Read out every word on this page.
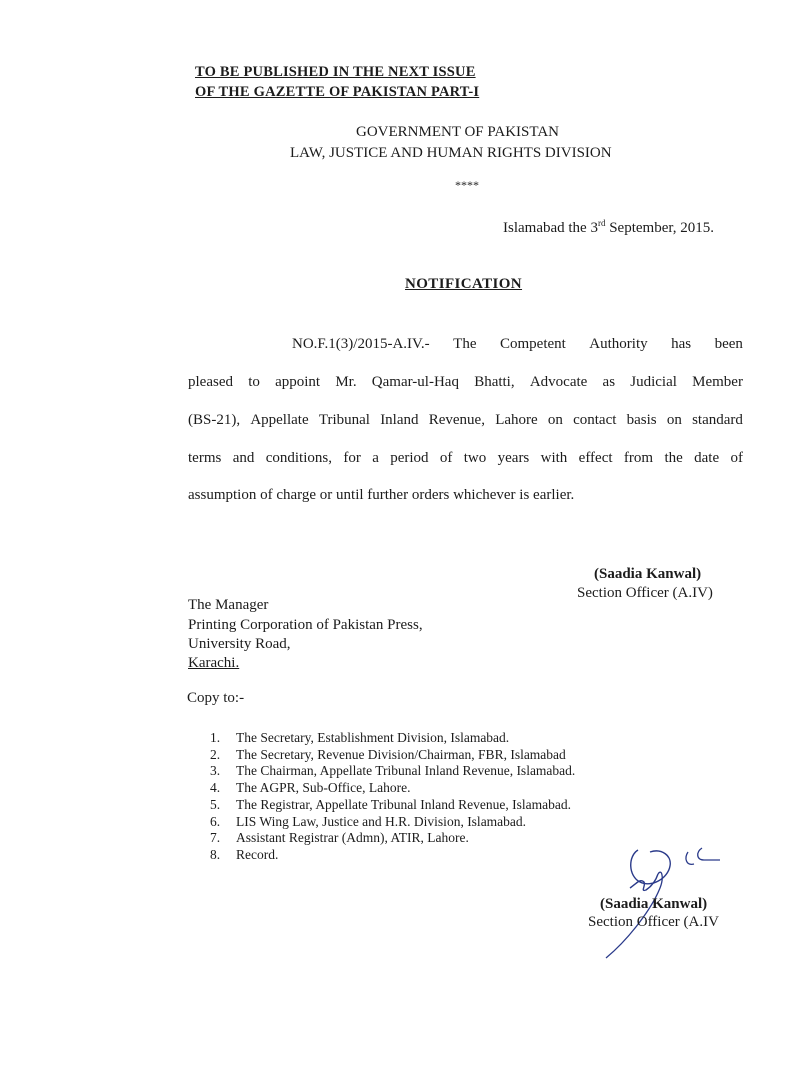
TO BE PUBLISHED IN THE NEXT ISSUE
OF THE GAZETTE OF PAKISTAN PART-I
GOVERNMENT OF PAKISTAN
LAW, JUSTICE AND HUMAN RIGHTS DIVISION
****
Islamabad the 3rd September, 2015.
NOTIFICATION
NO.F.1(3)/2015-A.IV.- The Competent Authority has been
pleased to appoint Mr. Qamar-ul-Haq Bhatti, Advocate as Judicial Member
(BS-21), Appellate Tribunal Inland Revenue, Lahore on contact basis on standard
terms and conditions, for a period of two years with effect from the date of
assumption of charge or until further orders whichever is earlier.
(Saadia Kanwal)
Section Officer (A.IV)
The Manager
Printing Corporation of Pakistan Press,
University Road,
Karachi.
Copy to:-
1.	The Secretary, Establishment Division, Islamabad.
2.	The Secretary, Revenue Division/Chairman, FBR, Islamabad
3.	The Chairman, Appellate Tribunal Inland Revenue, Islamabad.
4.	The AGPR, Sub-Office, Lahore.
5.	The Registrar, Appellate Tribunal Inland Revenue, Islamabad.
6.	LIS Wing Law, Justice and H.R. Division, Islamabad.
7.	Assistant Registrar (Admn), ATIR, Lahore.
8.	Record.
(Saadia Kanwal)
Section Officer (A.IV
